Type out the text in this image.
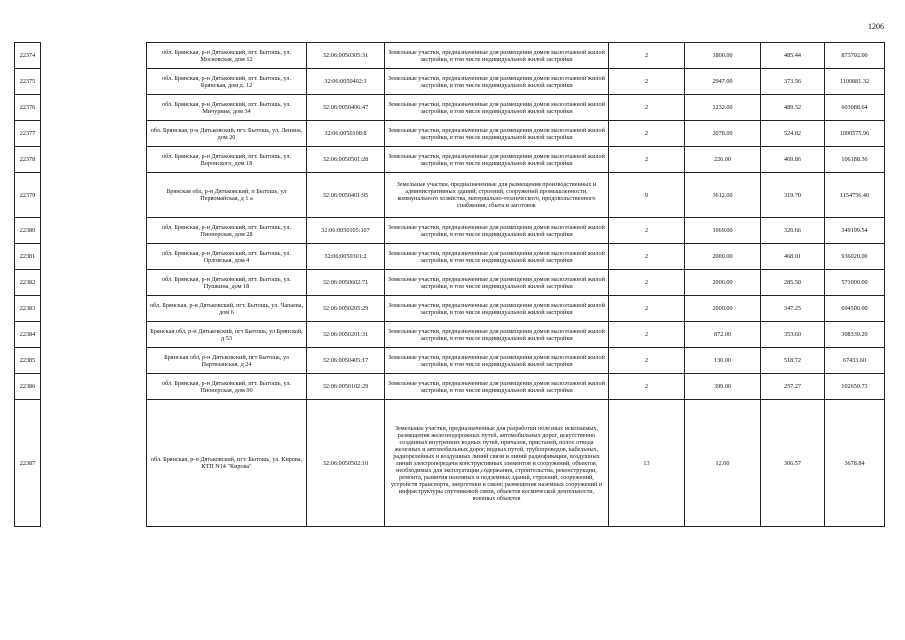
1206
22374		обл. Брянская, р-н Дятьковский, пгт. Бытошь, ул. Московская, дом 12	32:06:0050305:31	Земельные участки, предназначенные для размещения домов малоэтажной жилой застройки, в том числе индивидуальной жилой застройки	2	1800.00	485.44	873792.00
22375		обл. Брянская, р-н Дятьковский, пгт. Бытошь, ул. Брянская, дом д. 12	32:06:0050402:3	Земельные участки, предназначенные для размещения домов малоэтажной жилой застройки, в том числе индивидуальной жилой застройки	2	2947.00	373.56	1100881.32
22376		обл. Брянская, р-н Дятьковский, пгт. Бытошь, ул. Мичурина, дом 34	32:06:0050406:47	Земельные участки, предназначенные для размещения домов малоэтажной жилой застройки, в том числе индивидуальной жилой застройки	2	1232.00	489.52	603088.64
22377		обл. Брянская, р-н Дятьковский, пгт. Бытошь, ул. Ленина, дом 20	32:06:0050108:8	Земельные участки, предназначенные для размещения домов малоэтажной жилой застройки, в том числе индивидуальной жилой застройки	2	2078.00	524.82	1090575.96
22378		обл. Брянская, р-н Дятьковский, пгт. Бытошь, ул. Воронского, дом 18	32:06:0050501:28	Земельные участки, предназначенные для размещения домов малоэтажной жилой застройки, в том числе индивидуальной жилой застройки	2	226.00	469.86	106188.36
22379		Брянская обл, р-н Дятьковский, п Бытошь, ул Первомайская, д 1 а	32:06:0050401:95	Земельные участки, предназначенные для размещения производственных и административных зданий, строений, сооружений промышленности, коммунального хозяйства, материально-технического, продовольственного снабжения, сбыта и заготовок	9	3612.00	319.70	1154756.40
22380		обл. Брянская, р-н Дятьковский, пгт. Бытошь, ул. Пионерская, дом 28	32:06:0050105:107	Земельные участки, предназначенные для размещения домов малоэтажной жилой застройки, в том числе индивидуальной жилой застройки	2	1069.00	326.66	349199.54
22381		обл. Брянская, р-н Дятьковский, пгт. Бытошь, ул. Орловская, дом 4	32:06:0050301:2	Земельные участки, предназначенные для размещения домов малоэтажной жилой застройки, в том числе индивидуальной жилой застройки	2	2000.00	468.01	936020.00
22382		обл. Брянская, р-н Дятьковский, пгт. Бытошь, ул. Пушкина, дом 18	32:06:0050602:71	Земельные участки, предназначенные для размещения домов малоэтажной жилой застройки, в том числе индивидуальной жилой застройки	2	2000.00	285.50	571000.00
22383		обл. Брянская, р-н Дятьковский, пгт. Бытошь, ул. Чапаева, дом 6	32:06:0050205:29	Земельные участки, предназначенные для размещения домов малоэтажной жилой застройки, в том числе индивидуальной жилой застройки	2	2000.00	347.25	694500.00
22384		Брянская обл, р-н Дятьковский, пгт Бытошь, ул Брянской, д 53	32:06:0050201:31	Земельные участки, предназначенные для размещения домов малоэтажной жилой застройки, в том числе индивидуальной жилой застройки	2	872.00	353.60	308339.20
22385		Брянская обл, р-н Дятьковский, пгт Бытошь, ул Партизанская, д 24	32:06:0050405:17	Земельные участки, предназначенные для размещения домов малоэтажной жилой застройки, в том числе индивидуальной жилой застройки	2	130.00	518.72	67433.60
22386		обл. Брянская, р-н Дятьковский, пгт. Бытошь, ул. Пионерская, дом 90	32:06:0050102:29	Земельные участки, предназначенные для размещения домов малоэтажной жилой застройки, в том числе индивидуальной жилой застройки	2	399.00	257.27	102650.73
22387		обл. Брянская, р-н Дятьковский, пгт. Бытошь, ул. Кирова, КТП N14 "Кирова"	32:06:0050502:10	Земельные участки, предназначенные для разработки полезных ископаемых, размещения железнодорожных путей, автомобильных дорог, искусственно созданных внутренних водных путей, причалов, пристаней, полос отвода железных и автомобильных дорог, водных путей, трубопроводов, кабельных, радиорелейных и воздушных линий связи и линий радиофикации, воздушных линий электропередачи конструктивных элементов и сооружений, объектов, необходимых для эксплуатации,содержания, строительства, реконструкции, ремонта, развития наземных и подземных зданий, строений, сооружений, устройств транспорта, энергетики и связи; размещения наземных сооружений и инфраструктуры спутниковой связи, объектов космической деятельности, военных объектов	13	12.00	306.57	3678.84
